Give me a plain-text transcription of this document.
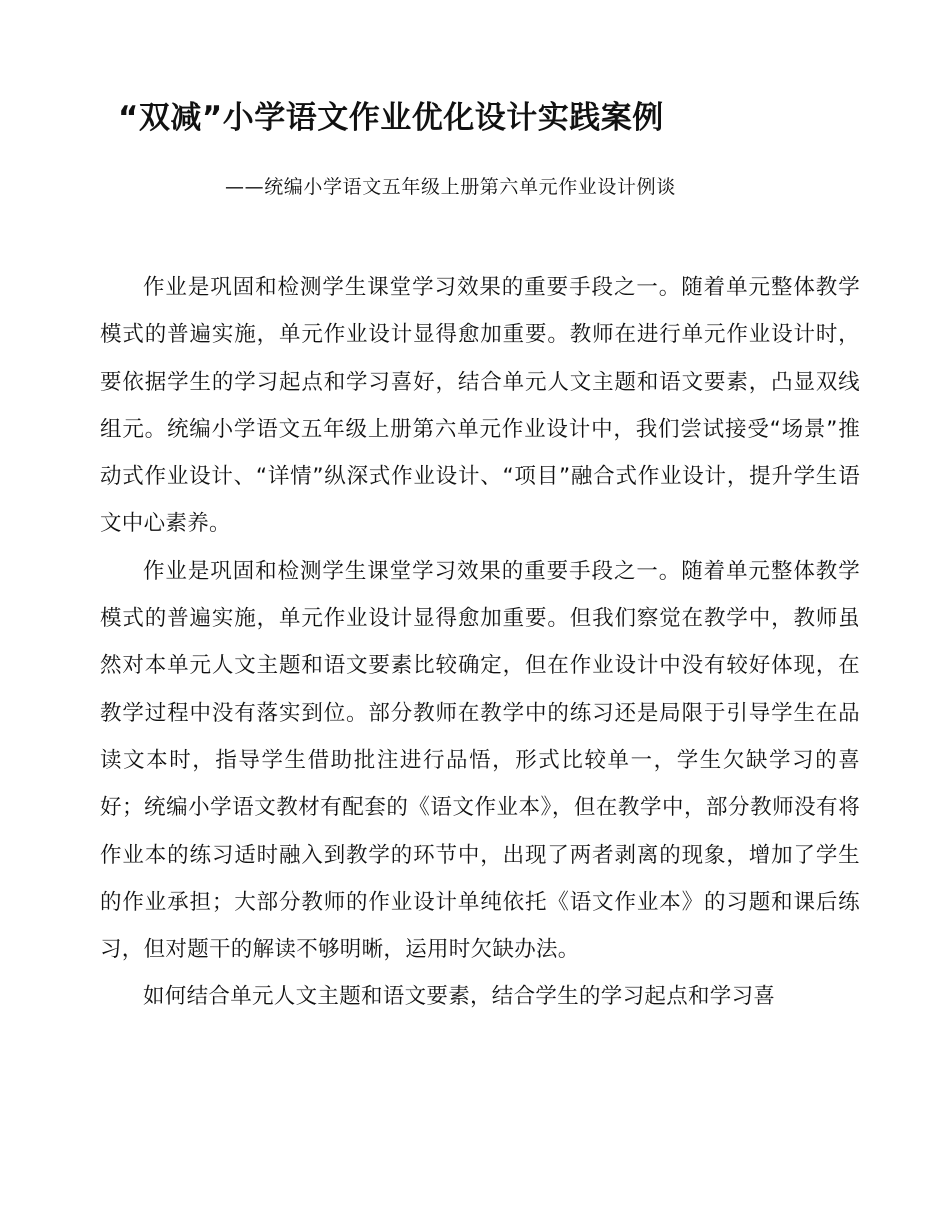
“双减”小学语文作业优化设计实践案例
——统编小学语文五年级上册第六单元作业设计例谈

作业是巩固和检测学生课堂学习效果的重要手段之一。随着单元整体教学模式的普遍实施，单元作业设计显得愈加重要。教师在进行单元作业设计时，要依据学生的学习起点和学习喜好，结合单元人文主题和语文要素，凸显双线组元。统编小学语文五年级上册第六单元作业设计中，我们尝试接受“场景”推动式作业设计、“详情”纵深式作业设计、“项目”融合式作业设计，提升学生语文中心素养。

作业是巩固和检测学生课堂学习效果的重要手段之一。随着单元整体教学模式的普遍实施，单元作业设计显得愈加重要。但我们察觉在教学中，教师虽然对本单元人文主题和语文要素比较确定，但在作业设计中没有较好体现，在教学过程中没有落实到位。部分教师在教学中的练习还是局限于引导学生在品读文本时，指导学生借助批注进行品悟，形式比较单一，学生欠缺学习的喜好；统编小学语文教材有配套的《语文作业本》，但在教学中，部分教师没有将作业本的练习适时融入到教学的环节中，出现了两者剥离的现象，增加了学生的作业承担；大部分教师的作业设计单纯依托《语文作业本》的习题和课后练习，但对题干的解读不够明晰，运用时欠缺办法。

如何结合单元人文主题和语文要素，结合学生的学习起点和学习喜
